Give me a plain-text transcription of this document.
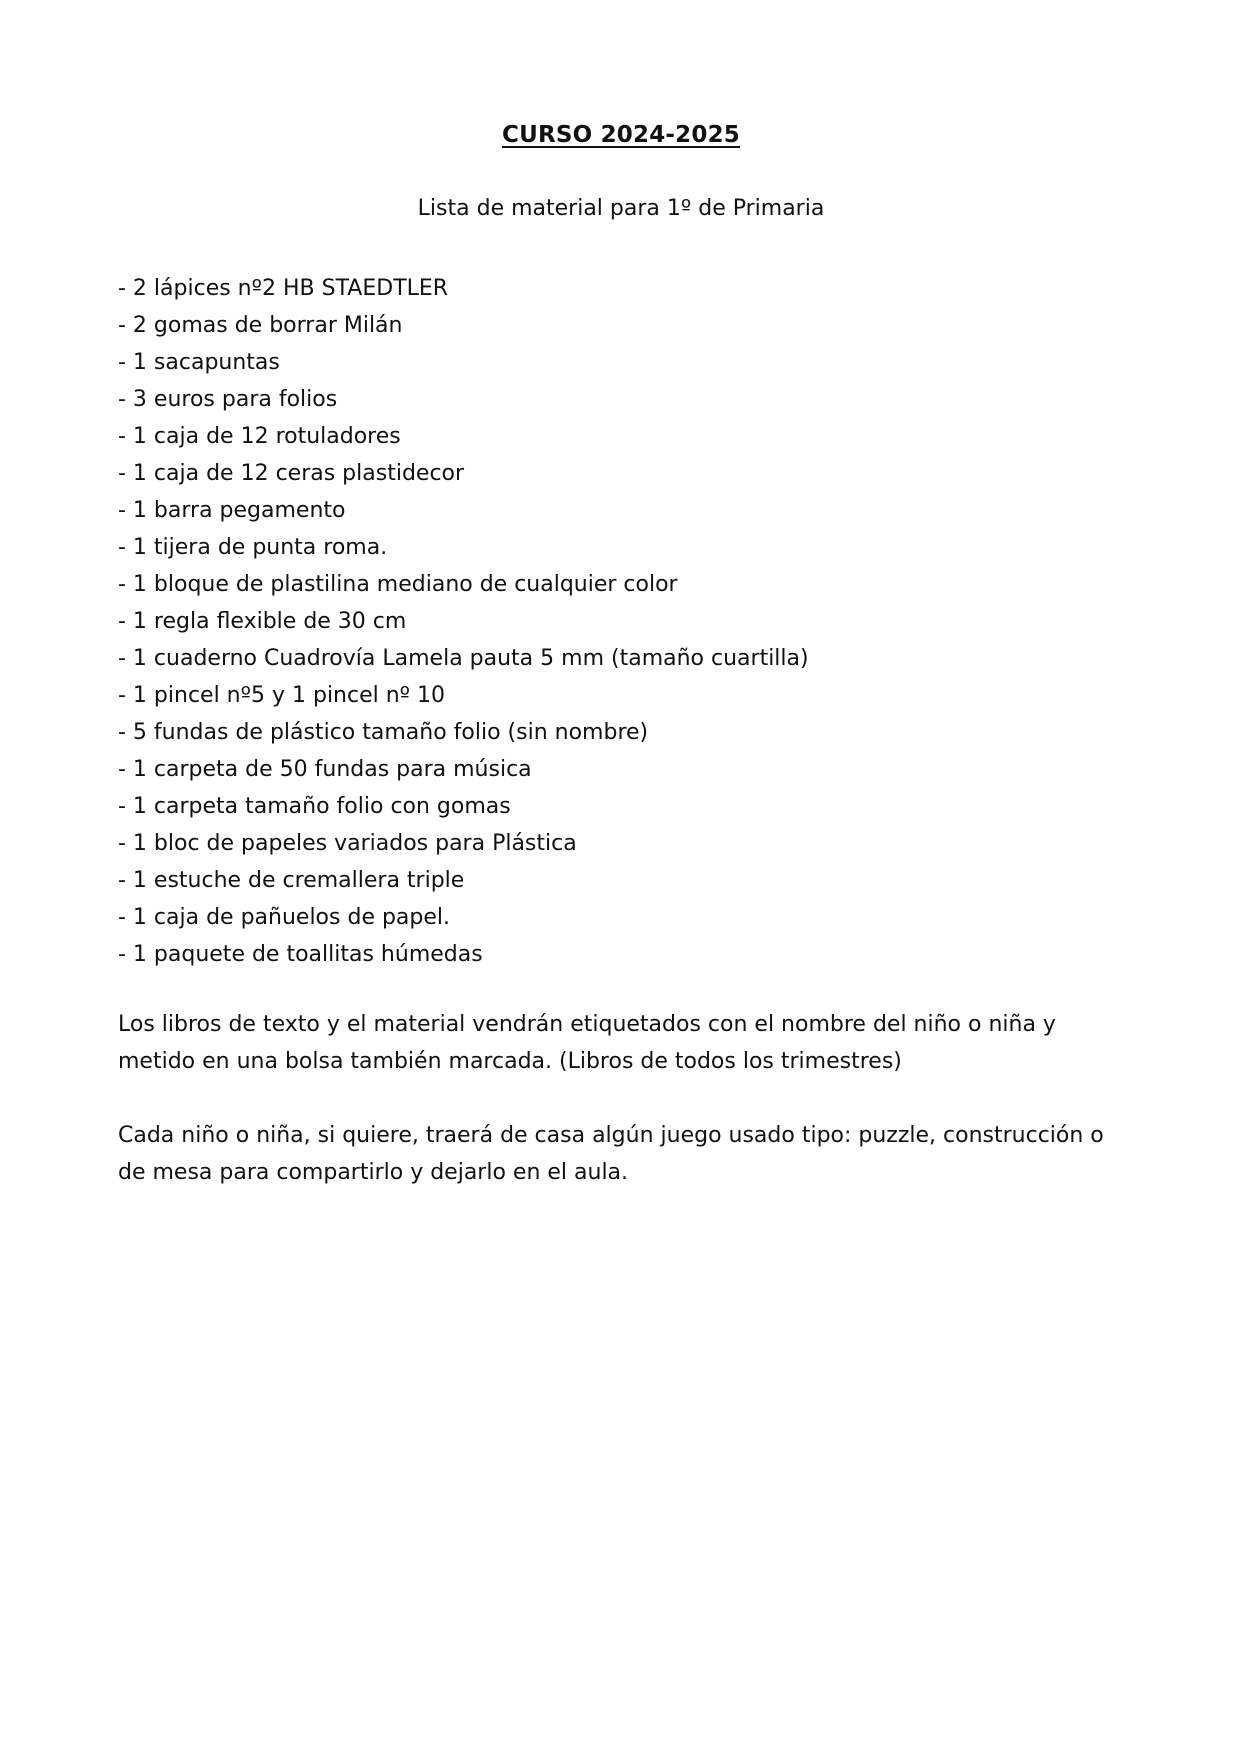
CURSO 2024-2025
Lista de material para 1º de Primaria
- 2 lápices nº2 HB STAEDTLER
- 2 gomas de borrar Milán
- 1 sacapuntas
- 3 euros para folios
- 1 caja de 12 rotuladores
- 1 caja de 12 ceras plastidecor
- 1 barra pegamento
- 1 tijera de punta roma.
- 1 bloque de plastilina mediano de cualquier color
- 1 regla flexible de 30 cm
- 1 cuaderno Cuadrovía Lamela pauta 5 mm (tamaño cuartilla)
- 1 pincel nº5 y 1 pincel nº 10
- 5 fundas de plástico tamaño folio (sin nombre)
- 1 carpeta de 50 fundas para música
- 1 carpeta tamaño folio con gomas
- 1 bloc de papeles variados para Plástica
- 1 estuche de cremallera triple
- 1 caja de pañuelos de papel.
- 1 paquete de toallitas húmedas

Los libros de texto y el material vendrán etiquetados con el nombre del niño o niña y metido en una bolsa también marcada. (Libros de todos los trimestres)

Cada niño o niña, si quiere, traerá de casa algún juego usado tipo: puzzle, construcción o de mesa para compartirlo y dejarlo en el aula.
